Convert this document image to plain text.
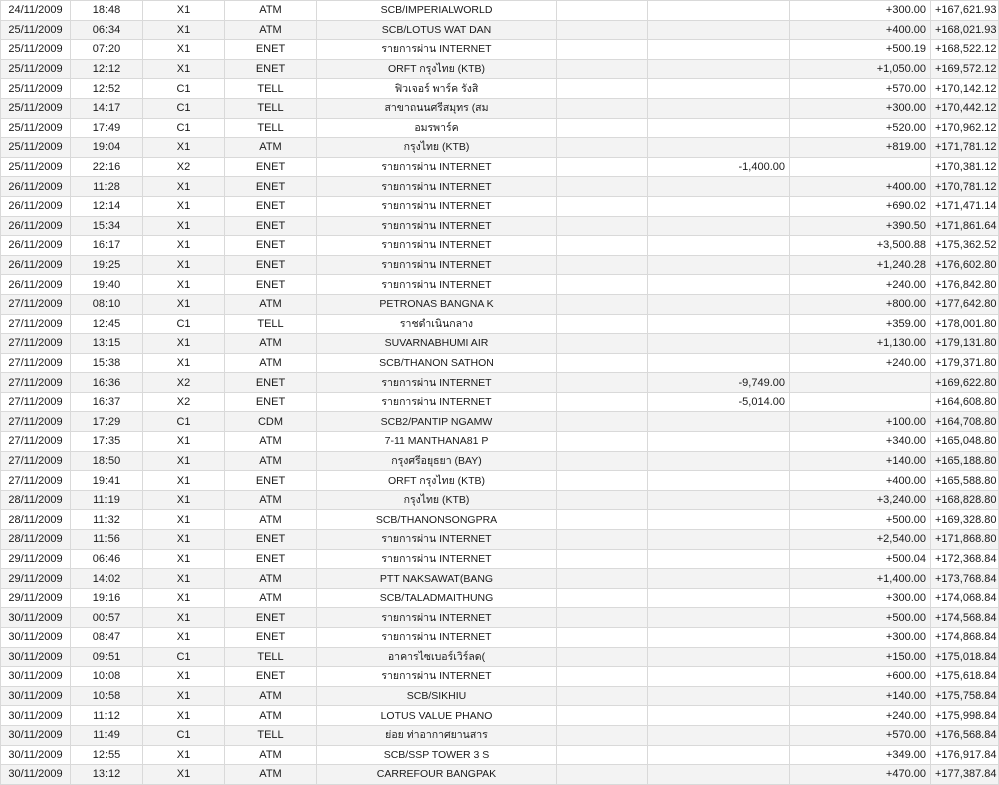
24/11/2009	18:48	X1	ATM	SCB/IMPERIALWORLD			+300.00	+167,621.93
25/11/2009	06:34	X1	ATM	SCB/LOTUS WAT DAN			+400.00	+168,021.93
25/11/2009	07:20	X1	ENET	รายการผ่าน INTERNET			+500.19	+168,522.12
25/11/2009	12:12	X1	ENET	ORFT กรุงไทย (KTB)			+1,050.00	+169,572.12
25/11/2009	12:52	C1	TELL	ฟิวเจอร์ พาร์ค รังสิ			+570.00	+170,142.12
25/11/2009	14:17	C1	TELL	สาขาถนนศรีสมุทร (สม			+300.00	+170,442.12
25/11/2009	17:49	C1	TELL	อมรพาร์ค			+520.00	+170,962.12
25/11/2009	19:04	X1	ATM	กรุงไทย (KTB)			+819.00	+171,781.12
25/11/2009	22:16	X2	ENET	รายการผ่าน INTERNET		-1,400.00		+170,381.12
26/11/2009	11:28	X1	ENET	รายการผ่าน INTERNET			+400.00	+170,781.12
26/11/2009	12:14	X1	ENET	รายการผ่าน INTERNET			+690.02	+171,471.14
26/11/2009	15:34	X1	ENET	รายการผ่าน INTERNET			+390.50	+171,861.64
26/11/2009	16:17	X1	ENET	รายการผ่าน INTERNET			+3,500.88	+175,362.52
26/11/2009	19:25	X1	ENET	รายการผ่าน INTERNET			+1,240.28	+176,602.80
26/11/2009	19:40	X1	ENET	รายการผ่าน INTERNET			+240.00	+176,842.80
27/11/2009	08:10	X1	ATM	PETRONAS BANGNA K			+800.00	+177,642.80
27/11/2009	12:45	C1	TELL	ราชดำเนินกลาง			+359.00	+178,001.80
27/11/2009	13:15	X1	ATM	SUVARNABHUMI AIR			+1,130.00	+179,131.80
27/11/2009	15:38	X1	ATM	SCB/THANON SATHON			+240.00	+179,371.80
27/11/2009	16:36	X2	ENET	รายการผ่าน INTERNET		-9,749.00		+169,622.80
27/11/2009	16:37	X2	ENET	รายการผ่าน INTERNET		-5,014.00		+164,608.80
27/11/2009	17:29	C1	CDM	SCB2/PANTIP NGAMW			+100.00	+164,708.80
27/11/2009	17:35	X1	ATM	7-11 MANTHANA81 P			+340.00	+165,048.80
27/11/2009	18:50	X1	ATM	กรุงศรีอยุธยา (BAY)			+140.00	+165,188.80
27/11/2009	19:41	X1	ENET	ORFT กรุงไทย (KTB)			+400.00	+165,588.80
28/11/2009	11:19	X1	ATM	กรุงไทย (KTB)			+3,240.00	+168,828.80
28/11/2009	11:32	X1	ATM	SCB/THANONSONGPRA			+500.00	+169,328.80
28/11/2009	11:56	X1	ENET	รายการผ่าน INTERNET			+2,540.00	+171,868.80
29/11/2009	06:46	X1	ENET	รายการผ่าน INTERNET			+500.04	+172,368.84
29/11/2009	14:02	X1	ATM	PTT NAKSAWAT(BANG			+1,400.00	+173,768.84
29/11/2009	19:16	X1	ATM	SCB/TALADMAITHUNG			+300.00	+174,068.84
30/11/2009	00:57	X1	ENET	รายการผ่าน INTERNET			+500.00	+174,568.84
30/11/2009	08:47	X1	ENET	รายการผ่าน INTERNET			+300.00	+174,868.84
30/11/2009	09:51	C1	TELL	อาคารไซเบอร์เวิร์ลด(			+150.00	+175,018.84
30/11/2009	10:08	X1	ENET	รายการผ่าน INTERNET			+600.00	+175,618.84
30/11/2009	10:58	X1	ATM	SCB/SIKHIU			+140.00	+175,758.84
30/11/2009	11:12	X1	ATM	LOTUS VALUE PHANO			+240.00	+175,998.84
30/11/2009	11:49	C1	TELL	ย่อย ท่าอากาศยานสาร			+570.00	+176,568.84
30/11/2009	12:55	X1	ATM	SCB/SSP TOWER 3 S			+349.00	+176,917.84
30/11/2009	13:12	X1	ATM	CARREFOUR BANGPAK			+470.00	+177,387.84
